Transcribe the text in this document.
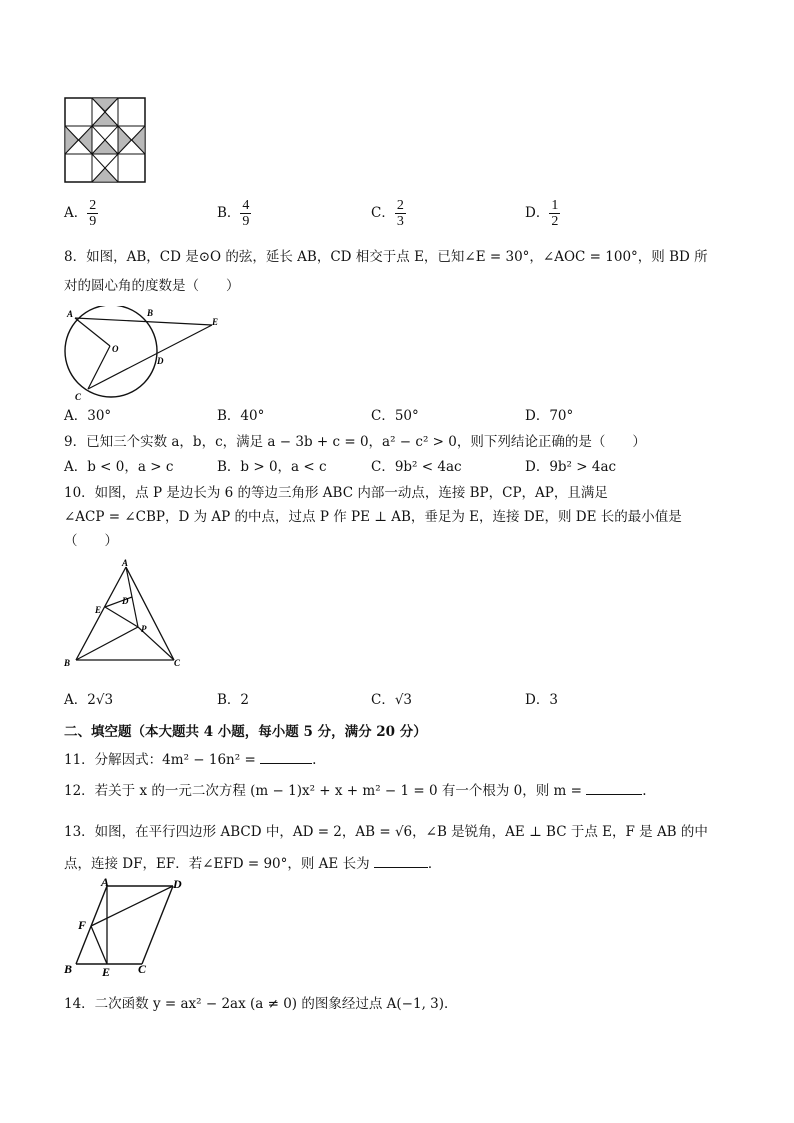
A． $\frac{2}{9}$	B． $\frac{4}{9}$	C． $\frac{2}{3}$	D． $\frac{1}{2}$
8．如图，AB，CD 是⊙O 的弦，延长 AB，CD 相交于点 E，已知∠E = 30°，∠AOC = 100°，则 BD 所
对的圆心角的度数是（　　）
A	B
E
O
D
C
A．30°	B．40°	C．50°	D．70°
9．已知三个实数 a，b，c，满足 a − 3b + c = 0，a² − c² > 0，则下列结论正确的是（　　）
A．b < 0，a > c	B．b > 0，a < c	C．9b² < 4ac	D．9b² > 4ac
10．如图，点 P 是边长为 6 的等边三角形 ABC 内部一动点，连接 BP，CP，AP，且满足
∠ACP = ∠CBP，D 为 AP 的中点，过点 P 作 PE ⊥ AB，垂足为 E，连接 DE，则 DE 长的最小值是
（　　）
A
D
E
P
B	C
A．2√3	B．2	C．√3	D．3
二、填空题（本大题共 4 小题，每小题 5 分，满分 20 分）
11．分解因式：4m² − 16n² =	.
12．若关于 x 的一元二次方程 (m − 1)x² + x + m² − 1 = 0 有一个根为 0，则 m =	.
13．如图，在平行四边形 ABCD 中，AD = 2，AB = √6，∠B 是锐角，AE ⊥ BC 于点 E，F 是 AB 的中
点，连接 DF，EF．若∠EFD = 90°，则 AE 长为	．
A	D
F
B E C
14．二次函数 y = ax² − 2ax (a ≠ 0) 的图象经过点 A(−1, 3)．
